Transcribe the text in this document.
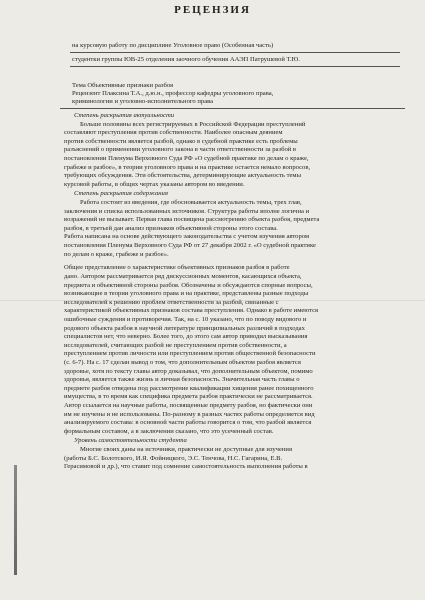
РЕЦЕНЗИЯ
на курсовую работу по дисциплине Уголовное право (Особенная часть)
студентки группы ЮВ-25 отделения заочного обучения ААЭП Патрушевой Т.Ю.
Тема Объективные признаки разбоя
Рецензент Плаксина Т.А., д.ю.н., профессор кафедры уголовного права,
криминологии и уголовно-исполнительного права
Степень раскрытия актуальности
Больше половины всех регистрируемых в Российской Федерации преступлений
составляют преступления против собственности. Наиболее опасным деянием
против собственности является разбой, однако в судебной практике есть проблемы
разъяснений о применении уголовного закона в части ответственности за разбой в
постановлении Пленума Верховного Суда РФ «О судебной практике по делам о краже,
грабеже и разбое», в теории уголовного права и на практике остается немало вопросов,
требующих обсуждения. Эти обстоятельства, детерминирующие актуальность темы
курсовой работы, в общих чертах указаны автором во введении.
Степень раскрытия содержания
Работа состоит из введения, где обосновывается актуальность темы, трех глав,
заключения и списка использованных источников. Структура работы вполне логична и
возражений не вызывает. Первая глава посвящена рассмотрению объекта разбоя, предмета
разбоя, в третьей дан анализ признаков объективной стороны этого состава.
Работа написана на основе действующего законодательства с учетом изучения автором
постановления Пленума Верховного Суда РФ от 27 декабря 2002 г. «О судебной практике
по делам о краже, грабеже и разбое».
Общее представление о характеристике объективных признаков разбоя в работе
дано. Автором рассматривается ряд дискуссионных моментов, касающихся объекта,
предмета и объективной стороны разбоя. Обозначены и обсуждаются спорные вопросы,
возникающие в теории уголовного права и на практике, представлены разные подходы
исследователей к решению проблем ответственности за разбой, связанные с
характеристикой объективных признаков состава преступления. Однако в работе имеются
ошибочные суждения и противоречия. Так, на с. 10 указано, что по поводу видового и
родового объекта разбоя в научной литературе принципиальных различий в подходах
специалистов нет, что неверно. Более того, до этого сам автор приводил высказывания
исследователей, считающих разбой не преступлением против собственности, а
преступлением против личности или преступлением против общественной безопасности
(с. 6-7). На с. 17 сделан вывод о том, что дополнительным объектом разбоя является
здоровье, хотя по тексту главы автор доказывал, что дополнительным объектом, помимо
здоровья, является также жизнь и личная безопасность. Значительная часть главы о
предмете разбоя отведена под рассмотрение квалификации хищения ранее похищенного
имущества, в то время как специфика предмета разбоя практически не рассматривается.
Автор ссылается на научные работы, посвященные предмету разбоя, но фактически они
им не изучены и не использованы. По-разному в разных частях работы определяется вид
анализируемого состава: в основной части работы говорится о том, что разбой является
формальным составом, а в заключении сказано, что это усеченный состав.
Уровень самостоятельности студента
Многие своих даны на источники, практически не доступные для изучения
(работы Б.С. Болотского, И.Я. Фойницкого, Э.С. Тенчова, Н.С. Гагарина, Е.В.
Герасимовой и др.), что ставит под сомнение самостоятельность выполнения работы в
